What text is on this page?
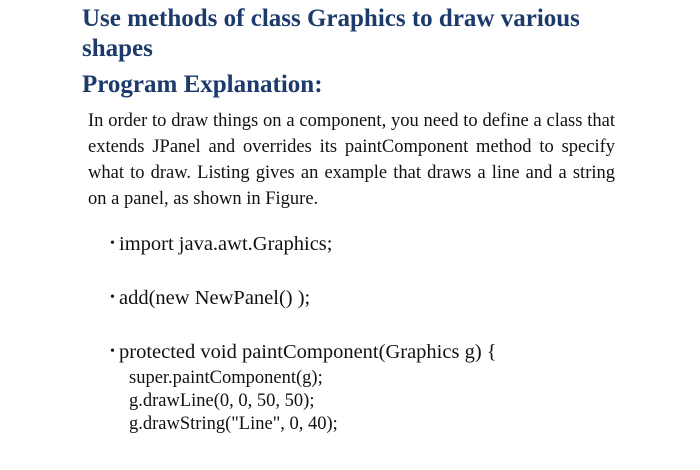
Use methods of class Graphics to draw various shapes
Program Explanation:

In order to draw things on a component, you need to define a class that extends JPanel and overrides its paintComponent method to specify what to draw. Listing gives an example that draws a line and a string on a panel, as shown in Figure.

• import java.awt.Graphics;

• add(new NewPanel() );

• protected void paintComponent(Graphics g) {

super.paintComponent(g);
g.drawLine(0, 0, 50, 50);
g.drawString("Line", 0, 40);
